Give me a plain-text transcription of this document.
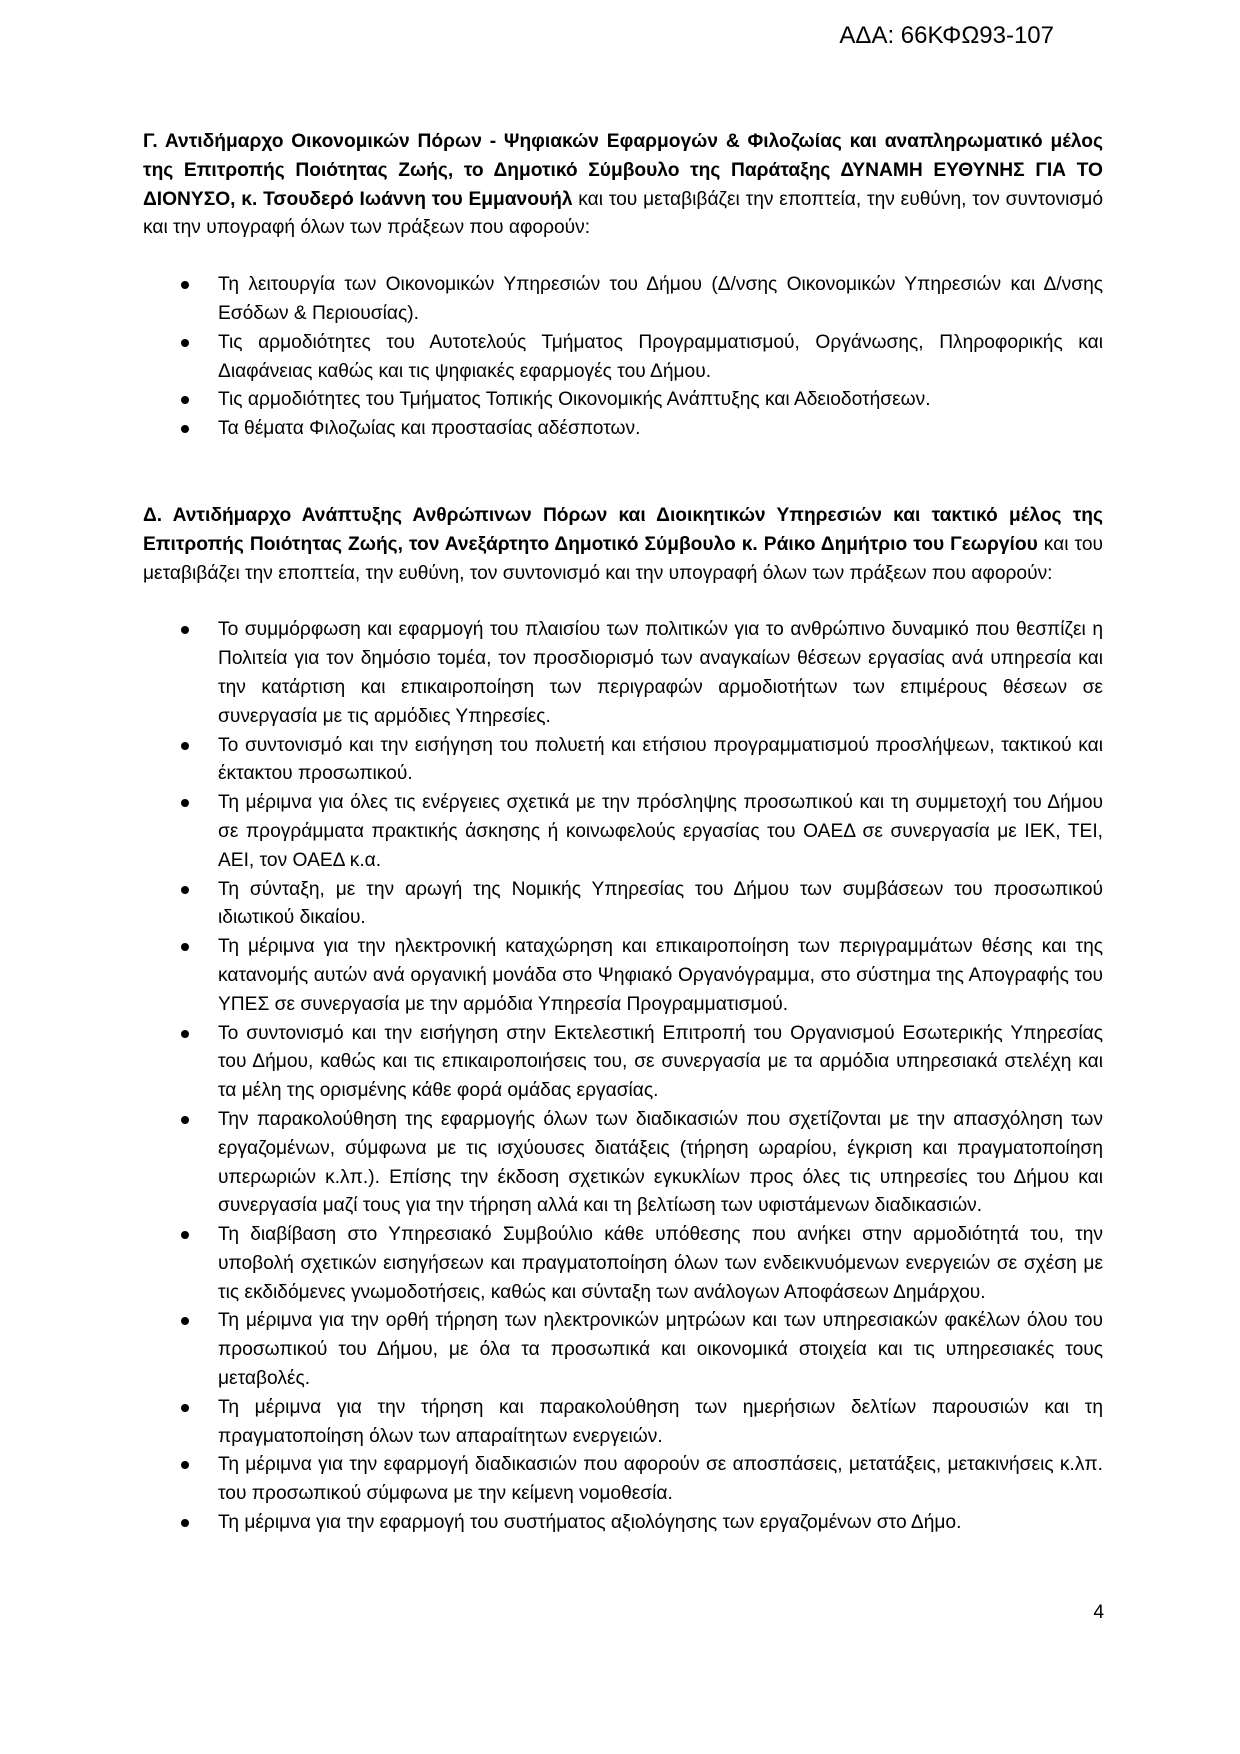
ΑΔΑ: 66ΚΦΩ93-107

Γ. Αντιδήμαρχο Οικονομικών Πόρων - Ψηφιακών Εφαρμογών & Φιλοζωίας και αναπληρωματικό μέλος της Επιτροπής Ποιότητας Ζωής, το Δημοτικό Σύμβουλο της Παράταξης ΔΥΝΑΜΗ ΕΥΘΥΝΗΣ ΓΙΑ ΤΟ ΔΙΟΝΥΣΟ, κ. Τσουδερό Ιωάννη του Εμμανουήλ και του μεταβιβάζει την εποπτεία, την ευθύνη, τον συντονισμό και την υπογραφή όλων των πράξεων που αφορούν:

Τη λειτουργία των Οικονομικών Υπηρεσιών του Δήμου (Δ/νσης Οικονομικών Υπηρεσιών και Δ/νσης Εσόδων & Περιουσίας).
Τις αρμοδιότητες του Αυτοτελούς Τμήματος Προγραμματισμού, Οργάνωσης, Πληροφορικής και Διαφάνειας καθώς και τις ψηφιακές εφαρμογές του Δήμου.
Τις αρμοδιότητες του Τμήματος Τοπικής Οικονομικής Ανάπτυξης και Αδειοδοτήσεων.
Τα θέματα Φιλοζωίας και προστασίας αδέσποτων.

Δ. Αντιδήμαρχο Ανάπτυξης Ανθρώπινων Πόρων και Διοικητικών Υπηρεσιών και τακτικό μέλος της Επιτροπής Ποιότητας Ζωής, τον Ανεξάρτητο Δημοτικό Σύμβουλο κ. Ράικο Δημήτριο του Γεωργίου και του μεταβιβάζει την εποπτεία, την ευθύνη, τον συντονισμό και την υπογραφή όλων των πράξεων που αφορούν:

Το συμμόρφωση και εφαρμογή του πλαισίου των πολιτικών για το ανθρώπινο δυναμικό που θεσπίζει η Πολιτεία για τον δημόσιο τομέα, τον προσδιορισμό των αναγκαίων θέσεων εργασίας ανά υπηρεσία και την κατάρτιση και επικαιροποίηση των περιγραφών αρμοδιοτήτων των επιμέρους θέσεων σε συνεργασία με τις αρμόδιες Υπηρεσίες.
Το συντονισμό και την εισήγηση του πολυετή και ετήσιου προγραμματισμού προσλήψεων, τακτικού και έκτακτου προσωπικού.
Τη μέριμνα για όλες τις ενέργειες σχετικά με την πρόσληψης προσωπικού και τη συμμετοχή του Δήμου σε προγράμματα πρακτικής άσκησης ή κοινωφελούς εργασίας του ΟΑΕΔ σε συνεργασία με ΙΕΚ, ΤΕΙ, ΑΕΙ, τον ΟΑΕΔ κ.α.
Τη σύνταξη, με την αρωγή της Νομικής Υπηρεσίας του Δήμου των συμβάσεων του προσωπικού ιδιωτικού δικαίου.
Τη μέριμνα για την ηλεκτρονική καταχώρηση και επικαιροποίηση των περιγραμμάτων θέσης και της κατανομής αυτών ανά οργανική μονάδα στο Ψηφιακό Οργανόγραμμα, στο σύστημα της Απογραφής του ΥΠΕΣ σε συνεργασία με την αρμόδια Υπηρεσία Προγραμματισμού.
Το συντονισμό και την εισήγηση στην Εκτελεστική Επιτροπή του Οργανισμού Εσωτερικής Υπηρεσίας του Δήμου, καθώς και τις επικαιροποιήσεις του, σε συνεργασία με τα αρμόδια υπηρεσιακά στελέχη και τα μέλη της ορισμένης κάθε φορά ομάδας εργασίας.
Την παρακολούθηση της εφαρμογής όλων των διαδικασιών που σχετίζονται με την απασχόληση των εργαζομένων, σύμφωνα με τις ισχύουσες διατάξεις (τήρηση ωραρίου, έγκριση και πραγματοποίηση υπερωριών κ.λπ.). Επίσης την έκδοση σχετικών εγκυκλίων προς όλες τις υπηρεσίες του Δήμου και συνεργασία μαζί τους για την τήρηση αλλά και τη βελτίωση των υφιστάμενων διαδικασιών.
Τη διαβίβαση στο Υπηρεσιακό Συμβούλιο κάθε υπόθεσης που ανήκει στην αρμοδιότητά του, την υποβολή σχετικών εισηγήσεων και πραγματοποίηση όλων των ενδεικνυόμενων ενεργειών σε σχέση με τις εκδιδόμενες γνωμοδοτήσεις, καθώς και σύνταξη των ανάλογων Αποφάσεων Δημάρχου.
Τη μέριμνα για την ορθή τήρηση των ηλεκτρονικών μητρώων και των υπηρεσιακών φακέλων όλου του προσωπικού του Δήμου, με όλα τα προσωπικά και οικονομικά στοιχεία και τις υπηρεσιακές τους μεταβολές.
Τη μέριμνα για την τήρηση και παρακολούθηση των ημερήσιων δελτίων παρουσιών και τη πραγματοποίηση όλων των απαραίτητων ενεργειών.
Τη μέριμνα για την εφαρμογή διαδικασιών που αφορούν σε αποσπάσεις, μετατάξεις, μετακινήσεις κ.λπ. του προσωπικού σύμφωνα με την κείμενη νομοθεσία.
Τη μέριμνα για την εφαρμογή του συστήματος αξιολόγησης των εργαζομένων στο Δήμο.
4
